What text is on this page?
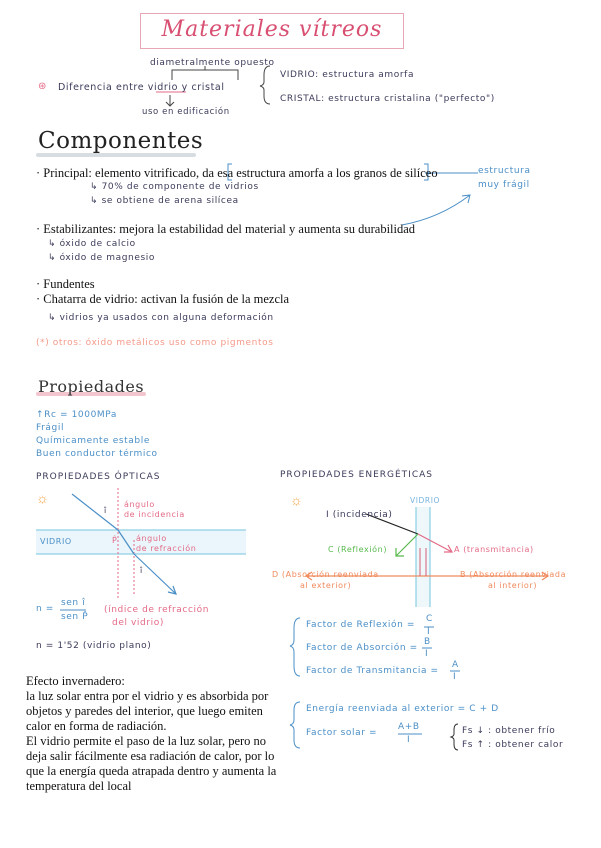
Materiales vítreos
diametralmente opuesto
⊛ Diferencia entre vidrio y cristal
uso en edificación
VIDRIO: estructura amorfa
CRISTAL: estructura cristalina ("perfecto")
Componentes
· Principal: elemento vitrificado, da esa estructura amorfa a los granos de silíceo
↳ 70% de componente de vidrios
↳ se obtiene de arena silícea
estructura
muy frágil
· Estabilizantes: mejora la estabilidad del material y aumenta su durabilidad
↳ óxido de calcio
↳ óxido de magnesio
· Fundentes
· Chatarra de vidrio: activan la fusión de la mezcla
↳ vidrios ya usados con alguna deformación
(*) otros: óxido metálicos uso como pigmentos
Propiedades
↑Rc = 1000MPa
Frágil
Químicamente estable
Buen conductor térmico
PROPIEDADES ÓPTICAS
☼
VIDRIO
ángulo
de incidencia
ángulo
de refracción
î
P̂
î
n =
sen î
sen P̂
(índice de refracción
del vidrio)
n = 1'52 (vidrio plano)
PROPIEDADES ENERGÉTICAS
☼	VIDRIO
I (incidencia)
C (Reflexión)	A (transmitancia)
D (Absorción reenviada
al exterior)
B (Absorción reenviada
al interior)
Factor de Reflexión =
C
I
Factor de Absorción =
B
I
Factor de Transmitancia =
A
I
Energía reenviada al exterior = C + D
Factor solar =
A+B
I
Fs ↓ : obtener frío
Fs ↑ : obtener calor
Efecto invernadero:
la luz solar entra por el vidrio y es absorbida por
objetos y paredes del interior, que luego emiten
calor en forma de radiación.
El vidrio permite el paso de la luz solar, pero no
deja salir fácilmente esa radiación de calor, por lo
que la energía queda atrapada dentro y aumenta la
temperatura del local
